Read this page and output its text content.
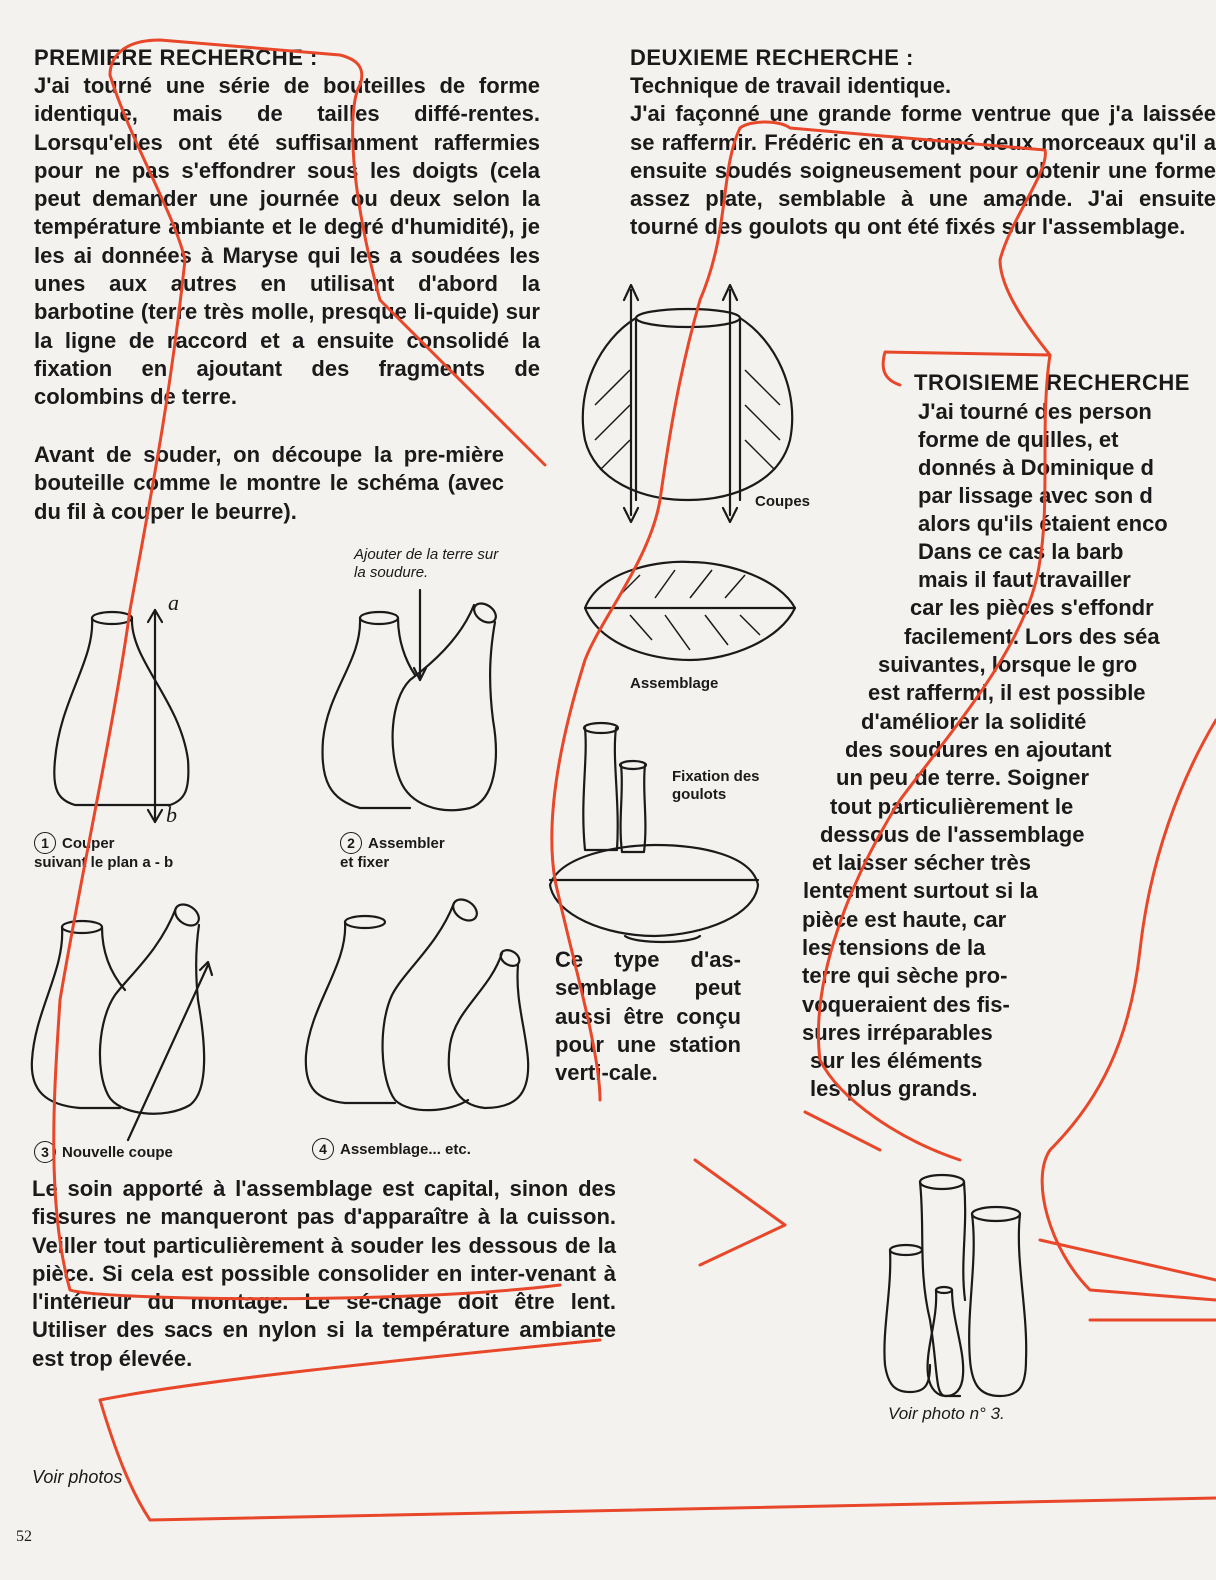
PREMIERE RECHERCHE :

J'ai tourné une série de bouteilles de forme identique, mais de tailles diffé-rentes. Lorsqu'elles ont été suffisamment raffermies pour ne pas s'effondrer sous les doigts (cela peut demander une journée ou deux selon la température ambiante et le degré d'humidité), je les ai données à Maryse qui les a soudées les unes aux autres en utilisant d'abord la barbotine (terre très molle, presque li-quide) sur la ligne de raccord et a ensuite consolidé la fixation en ajoutant des fragments de colombins de terre.

Avant de souder, on découpe la pre-mière bouteille comme le montre le schéma (avec du fil à couper le beurre).

Ajouter de la terre sur la soudure.
1 Couper
suivant le plan a - b
2 Assembler
et fixer
3 Nouvelle coupe	4 Assemblage... etc.

Le soin apporté à l'assemblage est capital, sinon des fissures ne manqueront pas d'apparaître à la cuisson. Veiller tout particulièrement à souder les dessous de la pièce. Si cela est possible consolider en inter-venant à l'intérieur du montage. Le sé-chage doit être lent. Utiliser des sacs en nylon si la température ambiante est trop élevée.

Voir photos
52

DEUXIEME RECHERCHE :

Technique de travail identique.

J'ai façonné une grande forme ventrue que j'a laissée se raffermir. Frédéric en a coupé deux morceaux qu'il a ensuite soudés soigneusement pour obtenir une forme assez plate, semblable à une amande. J'ai ensuite tourné des goulots qu ont été fixés sur l'assemblage.

Coupes
Assemblage
Fixation des goulots

Ce type d'as-semblage peut aussi être conçu pour une station verti-cale.

TROISIEME RECHERCHE

J'ai tourné des person
forme de quilles, et
donnés à Dominique d
par lissage avec son d
alors qu'ils étaient enco
Dans ce cas la barb
mais il faut travailler
car les pièces s'effondr
facilement. Lors des séa
suivantes, lorsque le gro
est raffermi, il est possible
d'améliorer la solidité
des soudures en ajoutant
un peu de terre. Soigner
tout particulièrement le
dessous de l'assemblage
et laisser sécher très
lentement surtout si la
pièce est haute, car
les tensions de la
terre qui sèche pro-
voqueraient des fis-
sures irréparables
sur les éléments
les plus grands.
Voir photo n° 3.
a
b
